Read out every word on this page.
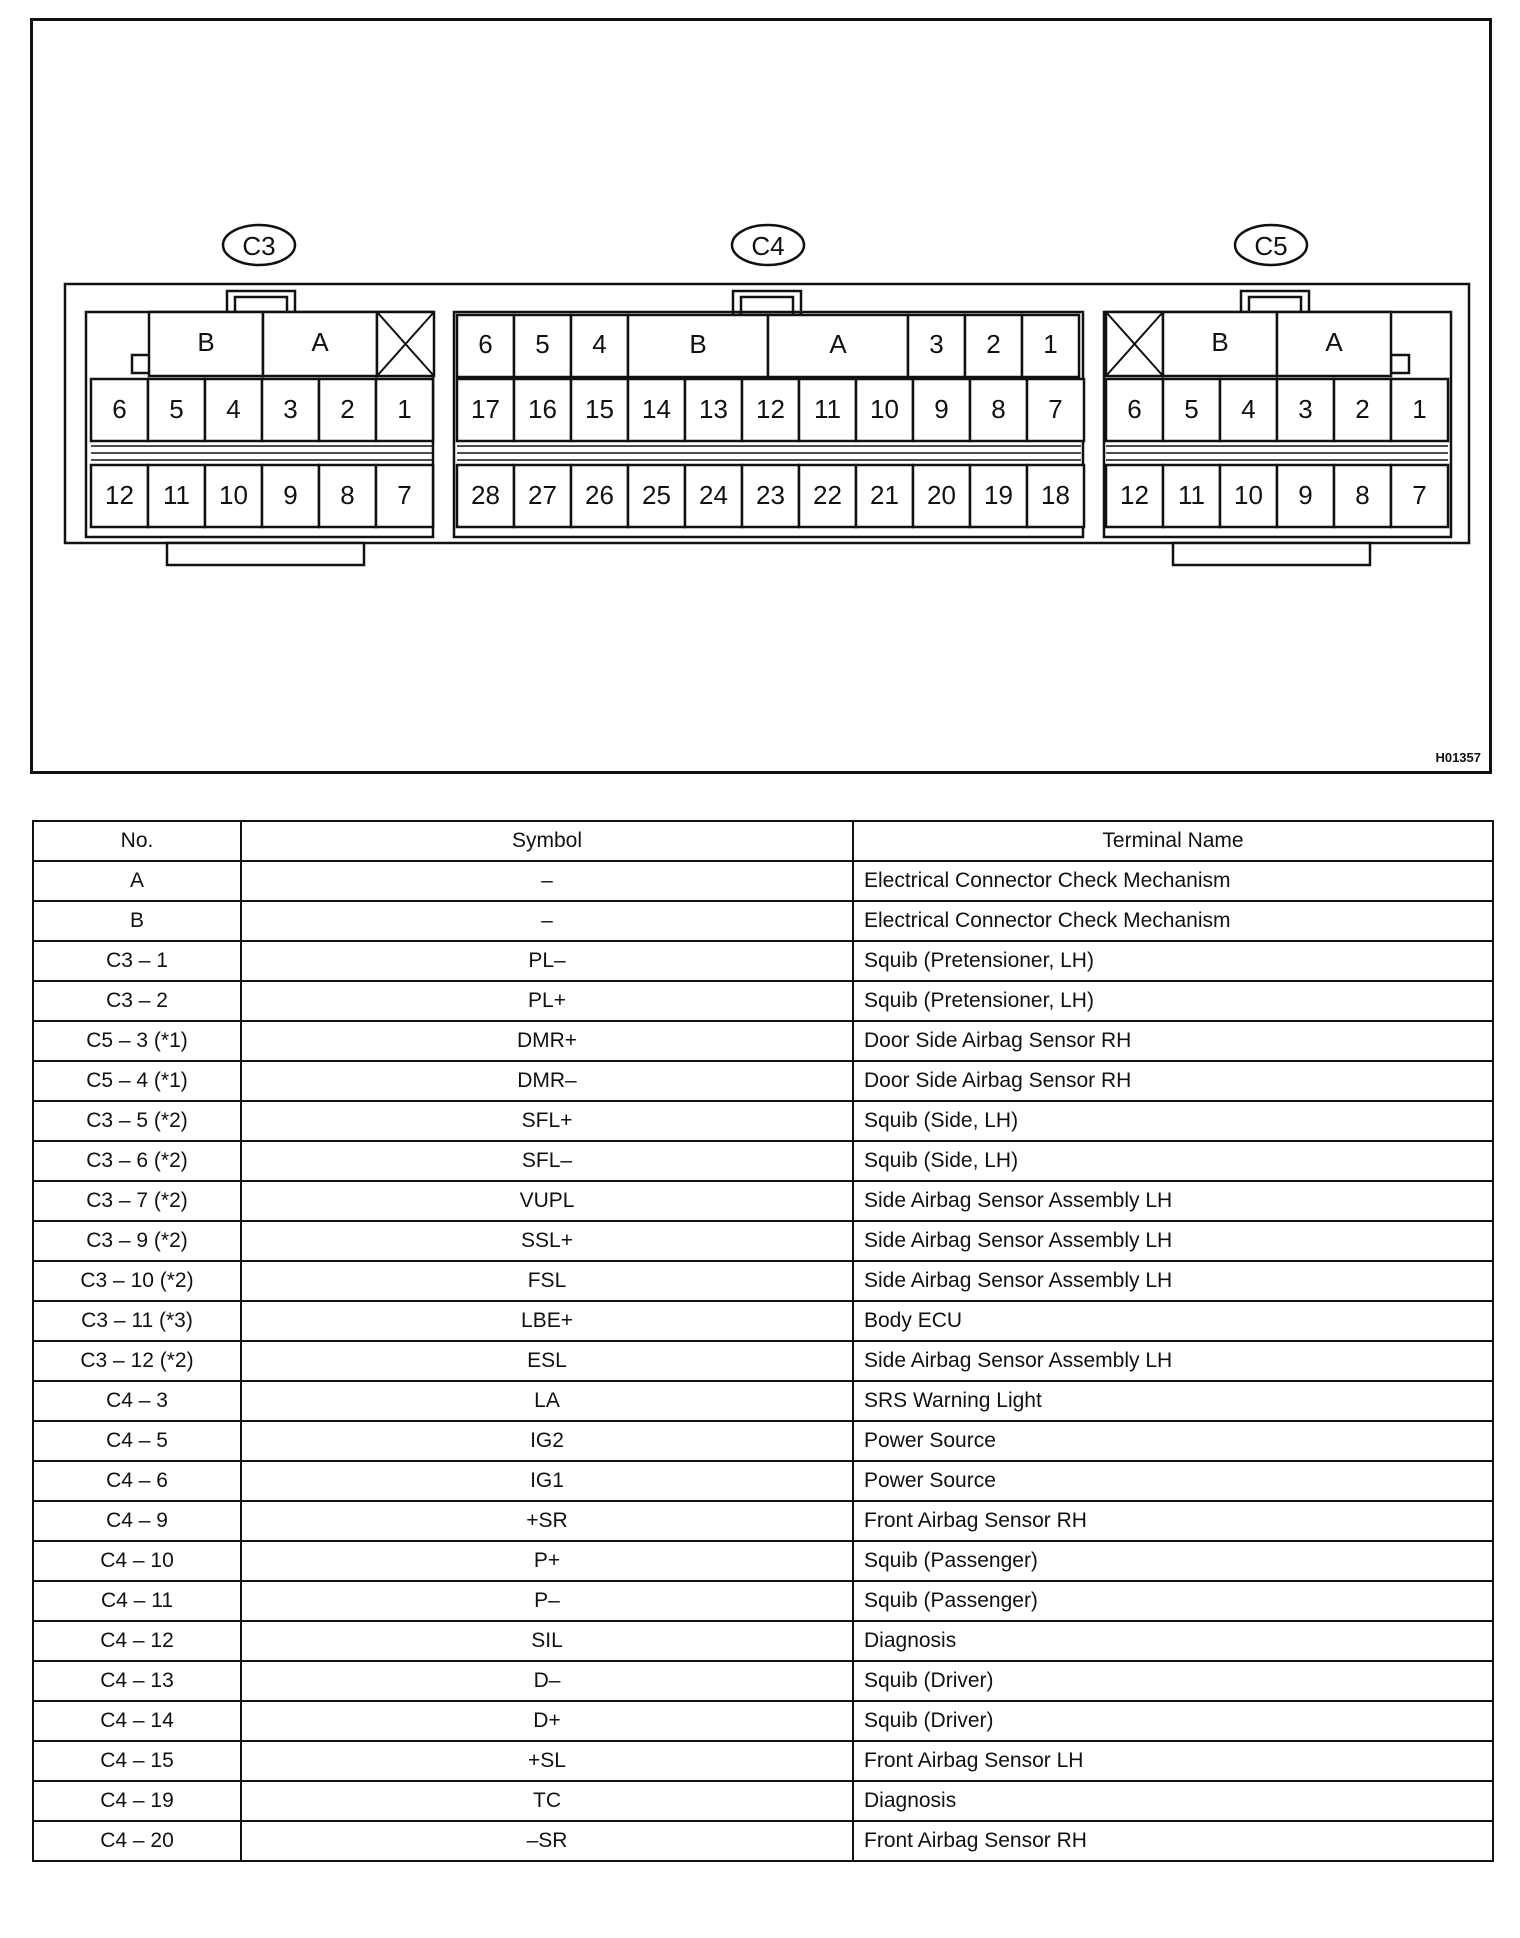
C3
B	A
6 5 4 3 2 1
12 11 10 9 8 7
C4
6 5 4	B	A	3 2 1
17 16 15 14 13 12 11 10 9 8 7
28 27 26 25 24 23 22 21 20 19 18
C5
B	A
6 5 4 3 2 1
12 11 10 9 8 7
H01357
No.	Symbol	Terminal Name
A	–	Electrical Connector Check Mechanism
B	–	Electrical Connector Check Mechanism
C3 – 1	PL–	Squib (Pretensioner, LH)
C3 – 2	PL+	Squib (Pretensioner, LH)
C5 – 3 (*1)	DMR+	Door Side Airbag Sensor RH
C5 – 4 (*1)	DMR–	Door Side Airbag Sensor RH
C3 – 5 (*2)	SFL+	Squib (Side, LH)
C3 – 6 (*2)	SFL–	Squib (Side, LH)
C3 – 7 (*2)	VUPL	Side Airbag Sensor Assembly LH
C3 – 9 (*2)	SSL+	Side Airbag Sensor Assembly LH
C3 – 10 (*2)	FSL	Side Airbag Sensor Assembly LH
C3 – 11 (*3)	LBE+	Body ECU
C3 – 12 (*2)	ESL	Side Airbag Sensor Assembly LH
C4 – 3	LA	SRS Warning Light
C4 – 5	IG2	Power Source
C4 – 6	IG1	Power Source
C4 – 9	+SR	Front Airbag Sensor RH
C4 – 10	P+	Squib (Passenger)
C4 – 11	P–	Squib (Passenger)
C4 – 12	SIL	Diagnosis
C4 – 13	D–	Squib (Driver)
C4 – 14	D+	Squib (Driver)
C4 – 15	+SL	Front Airbag Sensor LH
C4 – 19	TC	Diagnosis
C4 – 20	–SR	Front Airbag Sensor RH
